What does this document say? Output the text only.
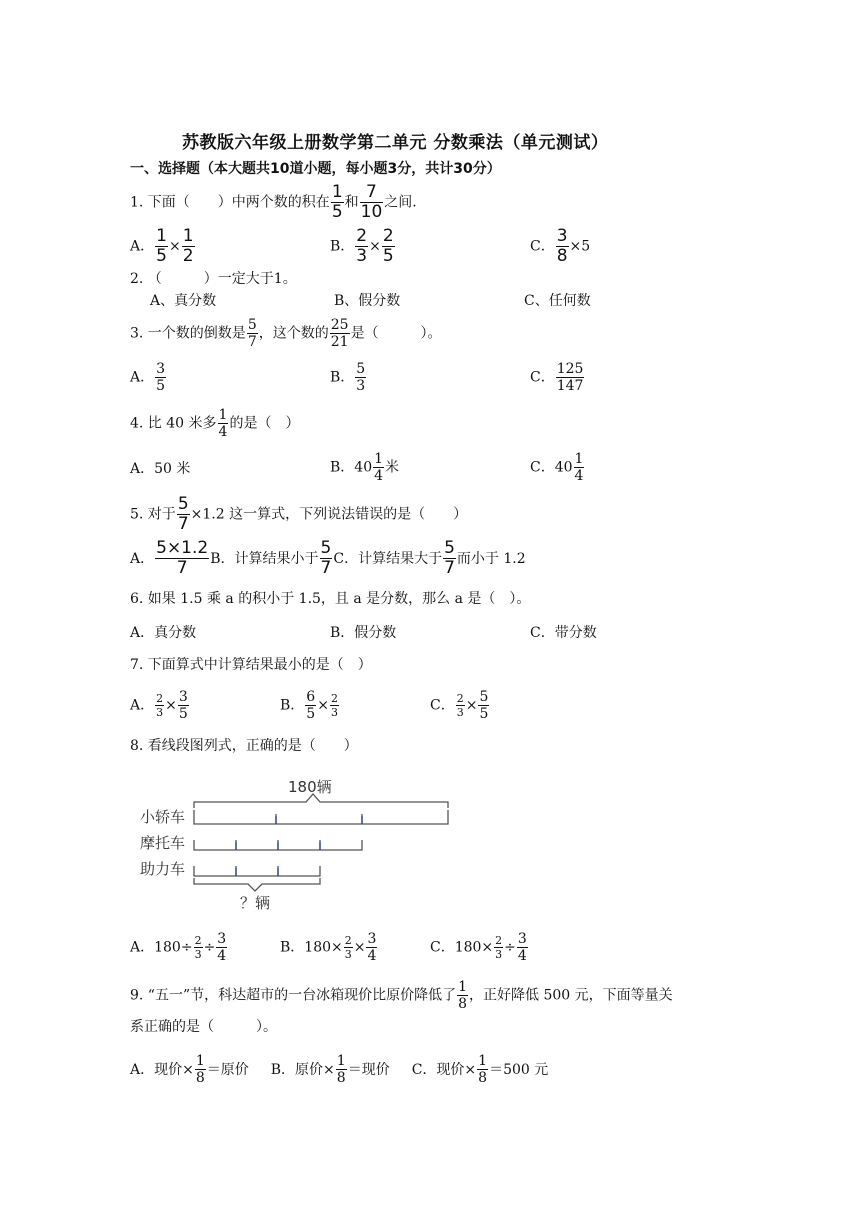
苏教版六年级上册数学第二单元 分数乘法（单元测试）
一、选择题（本大题共10道小题，每小题3分，共计30分）
1. 下面（　　）中两个数的积在 $\frac{1}{5}$ 和 $\frac{7}{10}$ 之间.
A． $\frac{1}{5} \times \frac{1}{2}$	B． $\frac{2}{3} \times \frac{2}{5}$	C． $\frac{3}{8} \times 5$
2. （　　　）一定大于1。
A、真分数	B、假分数	C、任何数
3. 一个数的倒数是 $\frac{5}{7}$ ，这个数的 $\frac{25}{21}$ 是（　　　）。
A． $\frac{3}{5}$	B． $\frac{5}{3}$	C． $\frac{125}{147}$
4. 比 40 米多 $\frac{1}{4}$ 的是（　）
A．50 米	B．$40 \frac{1}{4}$ 米	C．$40 \frac{1}{4}$
5. 对于 $\frac{5}{7} \times 1.2$ 这一算式，下列说法错误的是（　　）
A． $\frac{5\times 1.2}{7}$ B．计算结果小于 $\frac{5}{7}$ C．计算结果大于 $\frac{5}{7}$ 而小于 1.2
6. 如果 1.5 乘 a 的积小于 1.5，且 a 是分数，那么 a 是（　）。
A．真分数	B．假分数	C．带分数
7. 下面算式中计算结果最小的是（　）
A． $\frac{2}{3} \times \frac{3}{5}$	B． $\frac{6}{5} \times \frac{2}{3}$	C． $\frac{2}{3} \times \frac{5}{5}$
8. 看线段图列式，正确的是（　　）
180辆
小轿车
摩托车
助力车
？辆
A．$180\div \frac{2}{3} \div \frac{3}{4}$	B．$180\times \frac{2}{3} \times \frac{3}{4}$	C．$180\times \frac{2}{3} \div \frac{3}{4}$
9. “五一”节，科达超市的一台冰箱现价比原价降低了 $\frac{1}{8}$ ，正好降低 500 元，下面等量关
系正确的是（　　　）。
A．现价× $\frac{1}{8}$ ＝原价 B．原价× $\frac{1}{8}$ ＝现价 C．现价× $\frac{1}{8} =500$ 元
